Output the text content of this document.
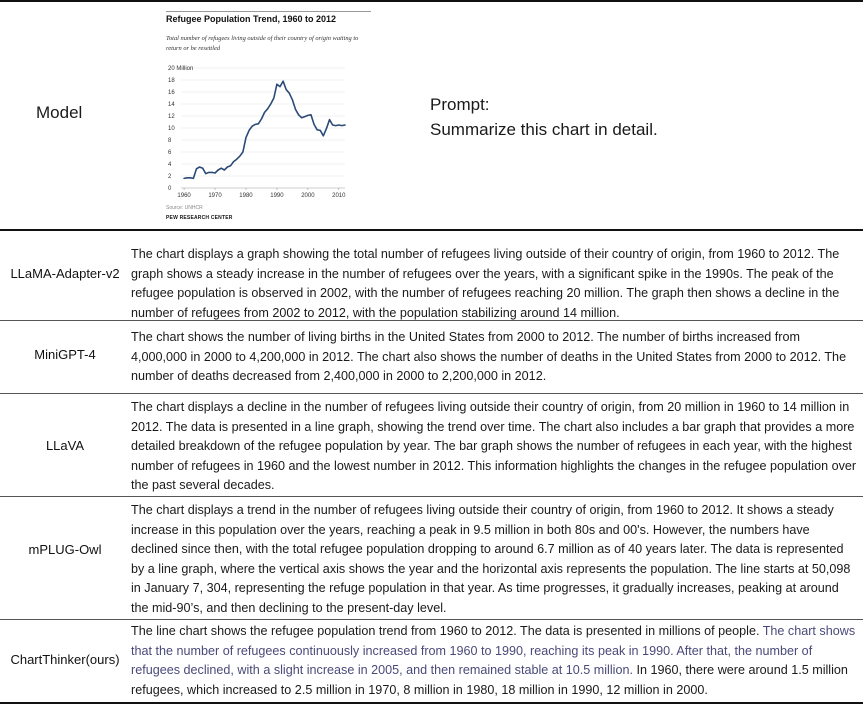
Model
Refugee Population Trend, 1960 to 2012
Total number of refugees living outside of their country of origin waiting to return or be resettled
0
2
4
6
8
10
12
14
16
18
20 Million
1960	1970	1980	1990	2000	2010
Source: UNHCR
PEW RESEARCH CENTER
Prompt:
Summarize this chart in detail.
LLaMA-Adapter-v2
The chart displays a graph showing the total number of refugees living outside of their country of origin, from 1960 to 2012. The graph shows a steady increase in the number of refugees over the years, with a significant spike in the 1990s. The peak of the refugee population is observed in 2002, with the number of refugees reaching 20 million. The graph then shows a decline in the number of refugees from 2002 to 2012, with the population stabilizing around 14 million.
MiniGPT-4
The chart shows the number of living births in the United States from 2000 to 2012. The number of births increased from 4,000,000 in 2000 to 4,200,000 in 2012. The chart also shows the number of deaths in the United States from 2000 to 2012. The number of deaths decreased from 2,400,000 in 2000 to 2,200,000 in 2012.
LLaVA
The chart displays a decline in the number of refugees living outside their country of origin, from 20 million in 1960 to 14 million in 2012. The data is presented in a line graph, showing the trend over time. The chart also includes a bar graph that provides a more detailed breakdown of the refugee population by year. The bar graph shows the number of refugees in each year, with the highest number of refugees in 1960 and the lowest number in 2012. This information highlights the changes in the refugee population over the past several decades.
mPLUG-Owl
The chart displays a trend in the number of refugees living outside their country of origin, from 1960 to 2012. It shows a steady increase in this population over the years, reaching a peak in 9.5 million in both 80s and 00's. However, the numbers have declined since then, with the total refugee population dropping to around 6.7 million as of 40 years later. The data is represented by a line graph, where the vertical axis shows the year and the horizontal axis represents the population. The line starts at 50,098 in January 7, 304, representing the refuge population in that year. As time progresses, it gradually increases, peaking at around the mid-90’s, and then declining to the present-day level.
ChartThinker(ours)
The line chart shows the refugee population trend from 1960 to 2012. The data is presented in millions of people. The chart shows that the number of refugees continuously increased from 1960 to 1990, reaching its peak in 1990. After that, the number of refugees declined, with a slight increase in 2005, and then remained stable at 10.5 million. In 1960, there were around 1.5 million refugees, which increased to 2.5 million in 1970, 8 million in 1980, 18 million in 1990, 12 million in 2000.
